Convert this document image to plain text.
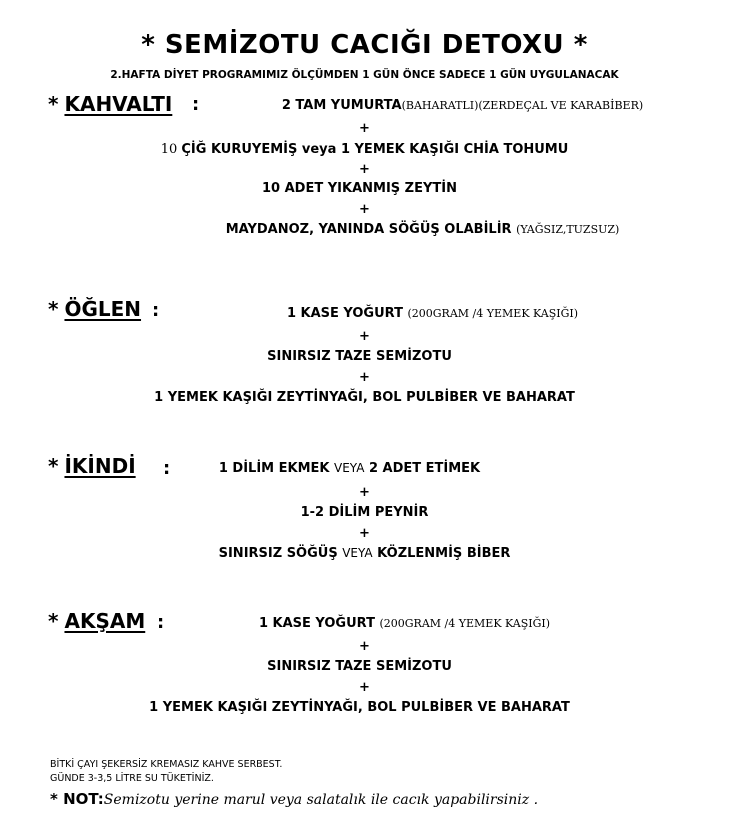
* SEMİZOTU CACIĞI DETOXU *
2.HAFTA DİYET PROGRAMIMIZ ÖLÇÜMDEN 1 GÜN ÖNCE SADECE 1 GÜN UYGULANACAK
* KAHVALTI :	2 TAM YUMURTA(BAHARATLI)(ZERDEÇAL VE KARABİBER)
+
10 ÇİĞ KURUYEMİŞ veya 1 YEMEK KAŞIĞI CHİA TOHUMU
+
10 ADET YIKANMIŞ ZEYTİN
+
MAYDANOZ, YANINDA SÖĞÜŞ OLABİLİR (YAĞSIZ,TUZSUZ)
* ÖĞLEN :	1 KASE YOĞURT (200GRAM /4 YEMEK KAŞIĞI)
+
SINIRSIZ TAZE SEMİZOTU
+
1 YEMEK KAŞIĞI ZEYTİNYAĞI, BOL PULBİBER VE BAHARAT
* İKİNDİ :	1 DİLİM EKMEK VEYA 2 ADET ETİMEK
+
1-2 DİLİM PEYNİR
+
SINIRSIZ SÖĞÜŞ VEYA KÖZLENMİŞ BİBER
* AKŞAM :	1 KASE YOĞURT (200GRAM /4 YEMEK KAŞIĞI)
+
SINIRSIZ TAZE SEMİZOTU
+
1 YEMEK KAŞIĞI ZEYTİNYAĞI, BOL PULBİBER VE BAHARAT
BİTKİ ÇAYI ŞEKERSİZ KREMASIZ KAHVE SERBEST.
GÜNDE 3-3,5 LİTRE SU TÜKETİNİZ.
* NOT:Semizotu yerine marul veya salatalık ile cacık yapabilirsiniz .
